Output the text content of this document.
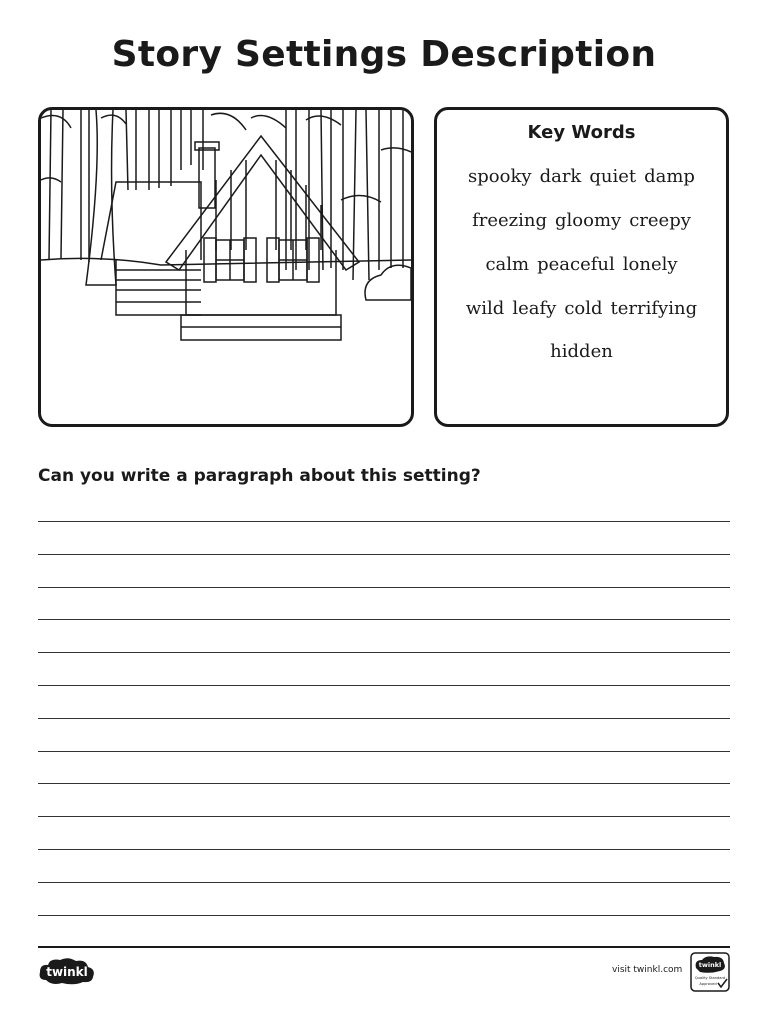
Story Settings Description
Key Words
spooky dark quiet damp
freezing gloomy creepy
calm peaceful lonely
wild leafy cold terrifying
hidden
Can you write a paragraph about this setting?
twinkl	visit twinkl.com	twinkl
Quality Standard
Approved
